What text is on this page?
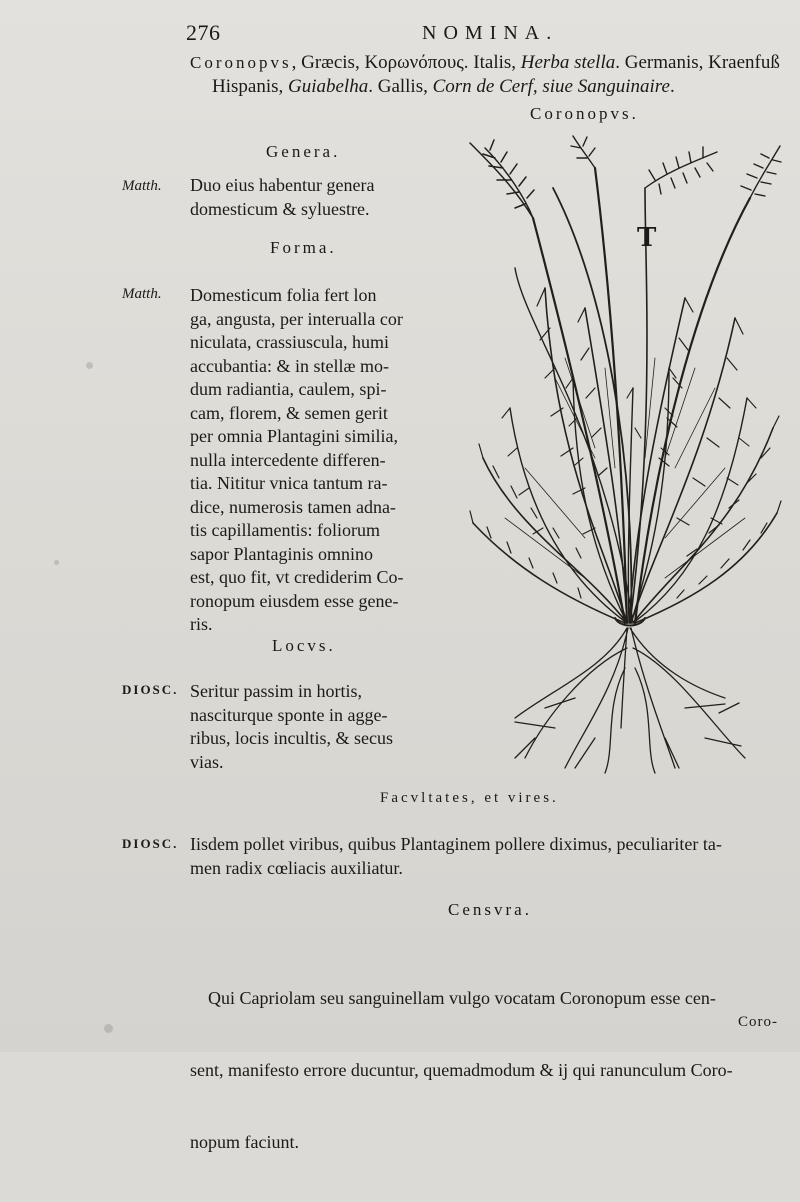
276	NOMINA.
Coronopvs, Græcis, Κορωνόπους. Italis, Herba stella. Germanis, Kraenfuß
Hispanis, Guiabelha. Gallis, Corn de Cerf, siue Sanguinaire.
Coronopvs.
Genera.
Matth. Duo eius habentur genera
domesticum & syluestre.
Forma.
Matth. Domesticum folia fert lon
ga, angusta, per interualla cor
niculata, crassiuscula, humi
accubantia: & in stellæ mo-
dum radiantia, caulem, spi-
cam, florem, & semen gerit
per omnia Plantagini similia,
nulla intercedente differen-
tia. Nititur vnica tantum ra-
dice, numerosis tamen adna-
tis capillamentis: foliorum
sapor Plantaginis omnino
est, quo fit, vt crediderim Co-
ronopum eiusdem esse gene-
ris.
Locvs.
DIOSC. Seritur passim in hortis,
nasciturque sponte in agge-
ribus, locis incultis, & secus
vias.
Facvltates, et vires.
DIOSC. Iisdem pollet viribus, quibus Plantaginem pollere diximus, peculiariter ta-
men radix cœliacis auxiliatur.
Censvra.

Qui Capriolam seu sanguinellam vulgo vocatam Coronopum esse cen-

sent, manifesto errore ducuntur, quemadmodum & ij qui ranunculum Coro-

nopum faciunt.

Coro-
T
